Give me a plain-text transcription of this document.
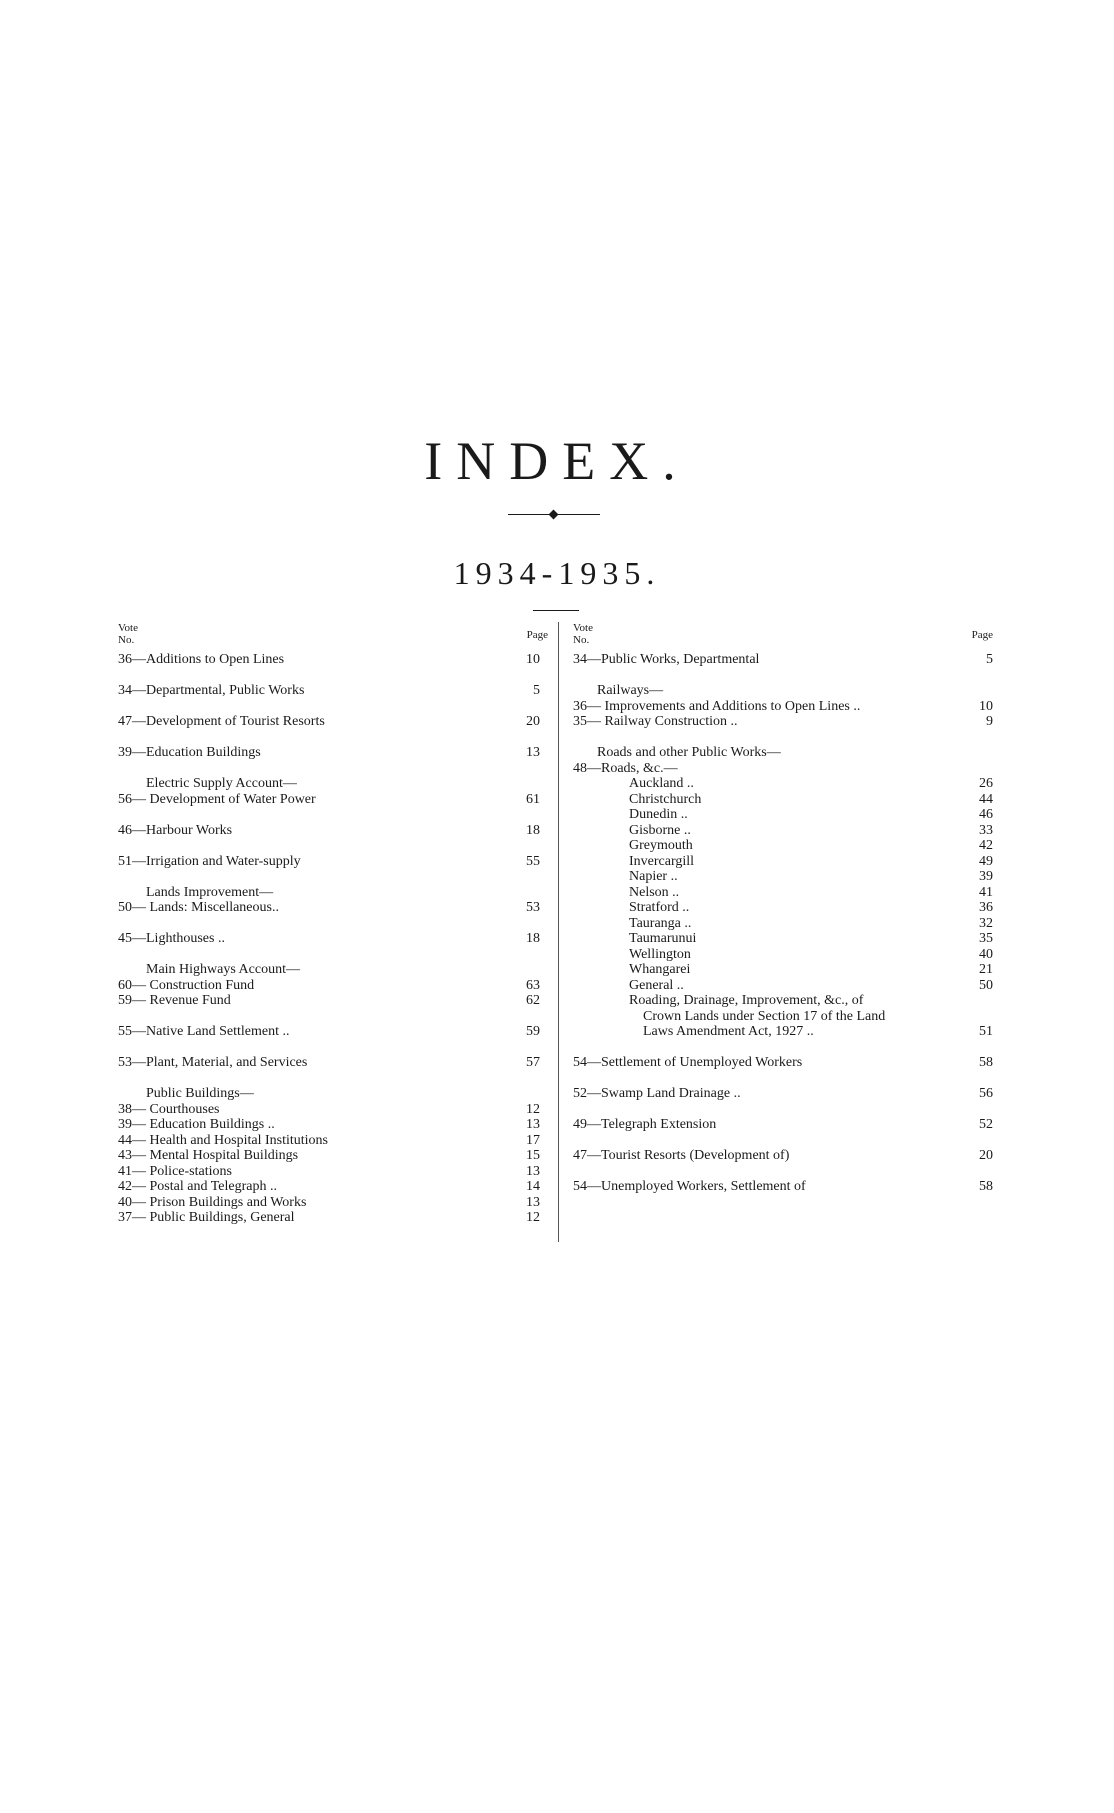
INDEX.
1934-1935.
Vote
No.	Page
36—Additions to Open Lines	10
34—Departmental, Public Works	5
47—Development of Tourist Resorts	20
39—Education Buildings	13
Electric Supply Account—
56— Development of Water Power	61
46—Harbour Works	18
51—Irrigation and Water-supply	55
Lands Improvement—
50— Lands: Miscellaneous..	53
45—Lighthouses ..	18
Main Highways Account—
60— Construction Fund	63
59— Revenue Fund	62
55—Native Land Settlement ..	59
53—Plant, Material, and Services	57
Public Buildings—
38— Courthouses	12
39— Education Buildings ..	13
44— Health and Hospital Institutions	17
43— Mental Hospital Buildings	15
41— Police-stations	13
42— Postal and Telegraph ..	14
40— Prison Buildings and Works	13
37— Public Buildings, General	12
Vote
No.	Page
34—Public Works, Departmental	5
Railways—
36— Improvements and Additions to Open Lines ..	10
35— Railway Construction ..	9
Roads and other Public Works—
48—Roads, &c.—
Auckland ..	26
Christchurch	44
Dunedin ..	46
Gisborne ..	33
Greymouth	42
Invercargill	49
Napier ..	39
Nelson ..	41
Stratford ..	36
Tauranga ..	32
Taumarunui	35
Wellington	40
Whangarei	21
General ..	50
Roading, Drainage, Improvement, &c., of
Crown Lands under Section 17 of the Land
Laws Amendment Act, 1927 ..	51
54—Settlement of Unemployed Workers	58
52—Swamp Land Drainage ..	56
49—Telegraph Extension	52
47—Tourist Resorts (Development of)	20
54—Unemployed Workers, Settlement of	58
